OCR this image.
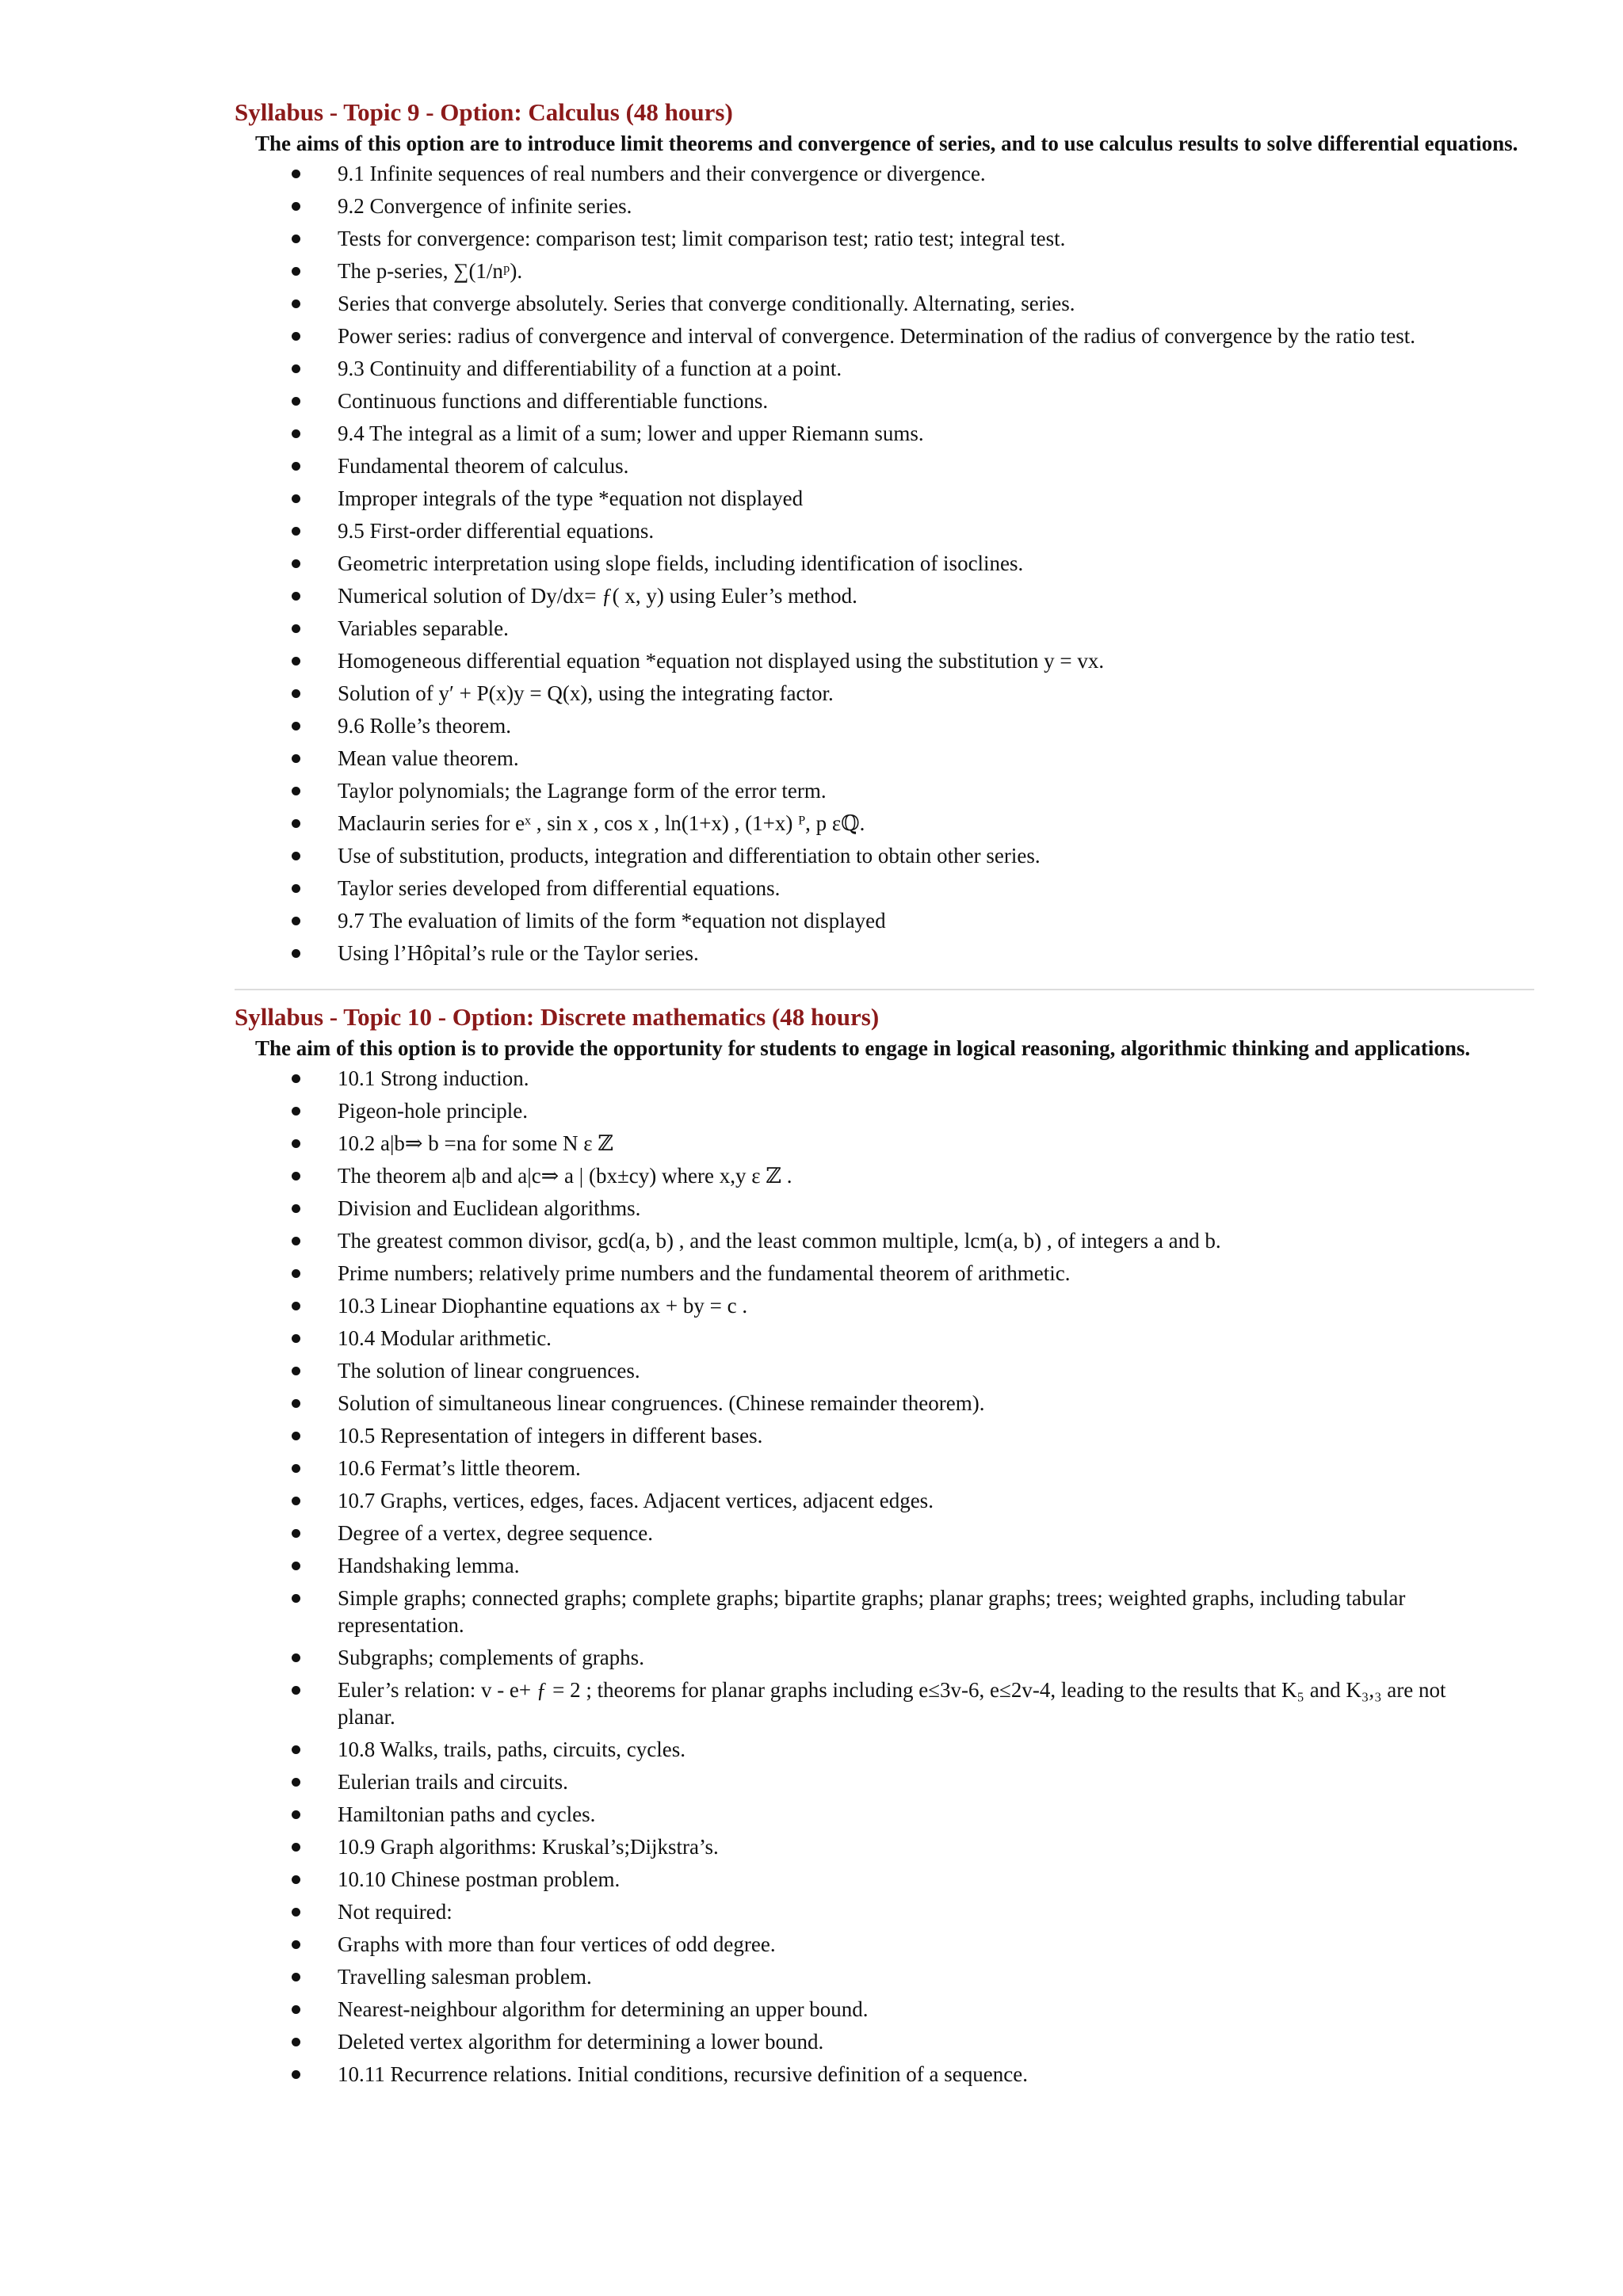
Syllabus - Topic 9 - Option: Calculus (48 hours)
The aims of this option are to introduce limit theorems and convergence of series, and to use calculus results to solve differential equations.
9.1 Infinite sequences of real numbers and their convergence or divergence.
9.2 Convergence of infinite series.
Tests for convergence: comparison test; limit comparison test; ratio test; integral test.
The p-series, ∑(1/nᵖ).
Series that converge absolutely. Series that converge conditionally. Alternating, series.
Power series: radius of convergence and interval of convergence. Determination of the radius of convergence by the ratio test.
9.3 Continuity and differentiability of a function at a point.
Continuous functions and differentiable functions.
9.4 The integral as a limit of a sum; lower and upper Riemann sums.
Fundamental theorem of calculus.
Improper integrals of the type *equation not displayed
9.5 First-order differential equations.
Geometric interpretation using slope fields, including identification of isoclines.
Numerical solution of Dy/dx= ƒ( x, y) using Euler’s method.
Variables separable.
Homogeneous differential equation *equation not displayed using the substitution y = vx.
Solution of y′ + P(x)y = Q(x), using the integrating factor.
9.6 Rolle’s theorem.
Mean value theorem.
Taylor polynomials; the Lagrange form of the error term.
Maclaurin series for eˣ , sin x , cos x , ln(1+x) , (1+x) ᴾ, p εℚ.
Use of substitution, products, integration and differentiation to obtain other series.
Taylor series developed from differential equations.
9.7 The evaluation of limits of the form *equation not displayed
Using l’Hôpital’s rule or the Taylor series.
Syllabus - Topic 10 - Option: Discrete mathematics (48 hours)
The aim of this option is to provide the opportunity for students to engage in logical reasoning, algorithmic thinking and applications.
10.1 Strong induction.
Pigeon-hole principle.
10.2 a|b⇒ b =na for some N ε ℤ
The theorem a|b and a|c⇒ a | (bx±cy) where x,y ε ℤ .
Division and Euclidean algorithms.
The greatest common divisor, gcd(a, b) , and the least common multiple, lcm(a, b) , of integers a and b.
Prime numbers; relatively prime numbers and the fundamental theorem of arithmetic.
10.3 Linear Diophantine equations ax + by = c .
10.4 Modular arithmetic.
The solution of linear congruences.
Solution of simultaneous linear congruences. (Chinese remainder theorem).
10.5 Representation of integers in different bases.
10.6 Fermat’s little theorem.
10.7 Graphs, vertices, edges, faces. Adjacent vertices, adjacent edges.
Degree of a vertex, degree sequence.
Handshaking lemma.
Simple graphs; connected graphs; complete graphs; bipartite graphs; planar graphs; trees; weighted graphs, including tabular representation.
Subgraphs; complements of graphs.
Euler’s relation: v - e+ ƒ = 2 ; theorems for planar graphs including e≤3v-6, e≤2v-4, leading to the results that K₅ and K₃,₃ are not planar.
10.8 Walks, trails, paths, circuits, cycles.
Eulerian trails and circuits.
Hamiltonian paths and cycles.
10.9 Graph algorithms: Kruskal’s;Dijkstra’s.
10.10 Chinese postman problem.
Not required:
Graphs with more than four vertices of odd degree.
Travelling salesman problem.
Nearest-neighbour algorithm for determining an upper bound.
Deleted vertex algorithm for determining a lower bound.
10.11 Recurrence relations. Initial conditions, recursive definition of a sequence.
